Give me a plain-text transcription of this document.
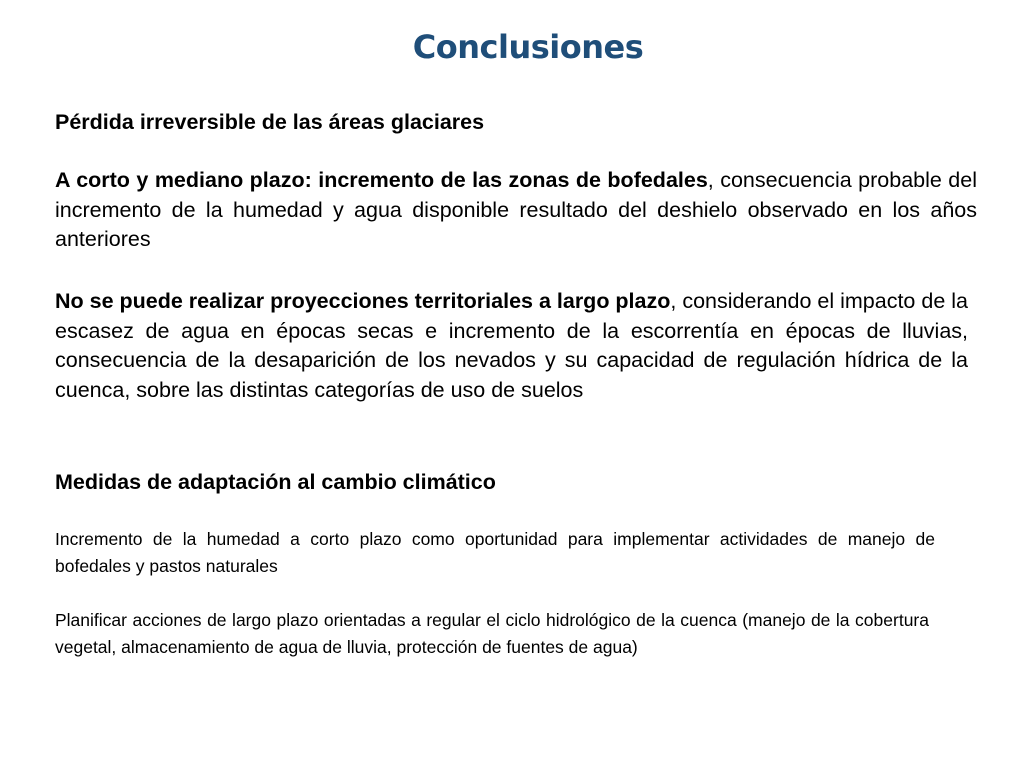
Conclusiones

Pérdida irreversible de las áreas glaciares

A corto y mediano plazo: incremento de las zonas de bofedales, consecuencia probable del incremento de la humedad y agua disponible resultado del deshielo observado en los años anteriores

No se puede realizar proyecciones territoriales a largo plazo, considerando el impacto de la escasez de agua en épocas secas e incremento de la escorrentía en épocas de lluvias, consecuencia de la desaparición de los nevados y su capacidad de regulación hídrica de la cuenca, sobre las distintas categorías de uso de suelos

Medidas de adaptación al cambio climático

Incremento de la humedad a corto plazo como oportunidad para implementar actividades de manejo de bofedales y pastos naturales

Planificar acciones de largo plazo orientadas a regular el ciclo hidrológico de la cuenca (manejo de la cobertura vegetal, almacenamiento de agua de lluvia, protección de fuentes de agua)
